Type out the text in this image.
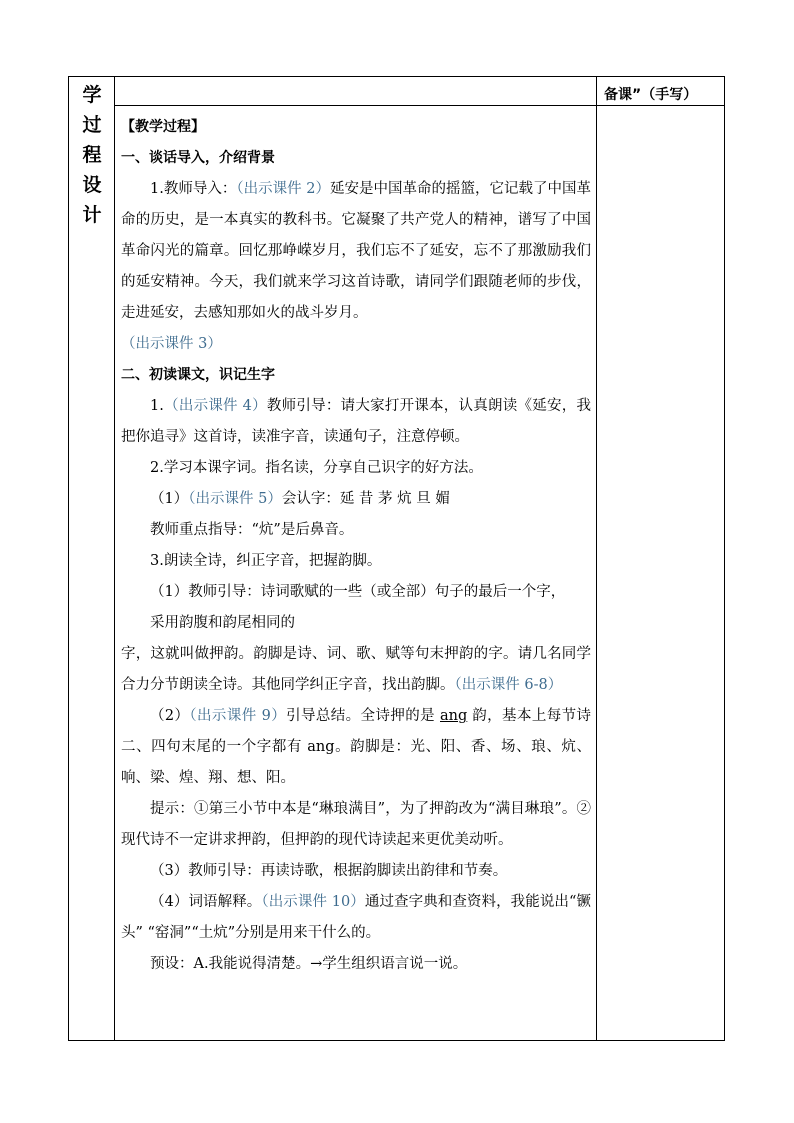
学
过
程
设
计
备课”（手写）

【教学过程】

一、谈话导入，介绍背景

1.教师导入：（出示课件 2）延安是中国革命的摇篮，它记载了中国革命的历史，是一本真实的教科书。它凝聚了共产党人的精神，谱写了中国革命闪光的篇章。回忆那峥嵘岁月，我们忘不了延安，忘不了那激励我们的延安精神。今天，我们就来学习这首诗歌，请同学们跟随老师的步伐，走进延安，去感知那如火的战斗岁月。

（出示课件 3）

二、初读课文，识记生字

1.（出示课件 4）教师引导：请大家打开课本，认真朗读《延安，我把你追寻》这首诗，读准字音，读通句子，注意停顿。

2.学习本课字词。指名读，分享自己识字的好方法。

（1）（出示课件 5）会认字：延 昔 茅 炕 旦 媚

教师重点指导：“炕”是后鼻音。

3.朗读全诗，纠正字音，把握韵脚。

（1）教师引导：诗词歌赋的一些（或全部）句子的最后一个字，

采用韵腹和韵尾相同的

字，这就叫做押韵。韵脚是诗、词、歌、赋等句末押韵的字。请几名同学合力分节朗读全诗。其他同学纠正字音，找出韵脚。（出示课件 6-8）

（2）（出示课件 9）引导总结。全诗押的是 ang 韵，基本上每节诗二、四句末尾的一个字都有 ang。韵脚是：光、阳、香、场、琅、炕、响、梁、煌、翔、想、阳。

提示：①第三小节中本是“琳琅满目”，为了押韵改为“满目琳琅”。②现代诗不一定讲求押韵，但押韵的现代诗读起来更优美动听。

（3）教师引导：再读诗歌，根据韵脚读出韵律和节奏。

（4）词语解释。（出示课件 10）通过查字典和查资料，我能说出“镢头” “窑洞”“土炕”分别是用来干什么的。

预设：A.我能说得清楚。→学生组织语言说一说。
